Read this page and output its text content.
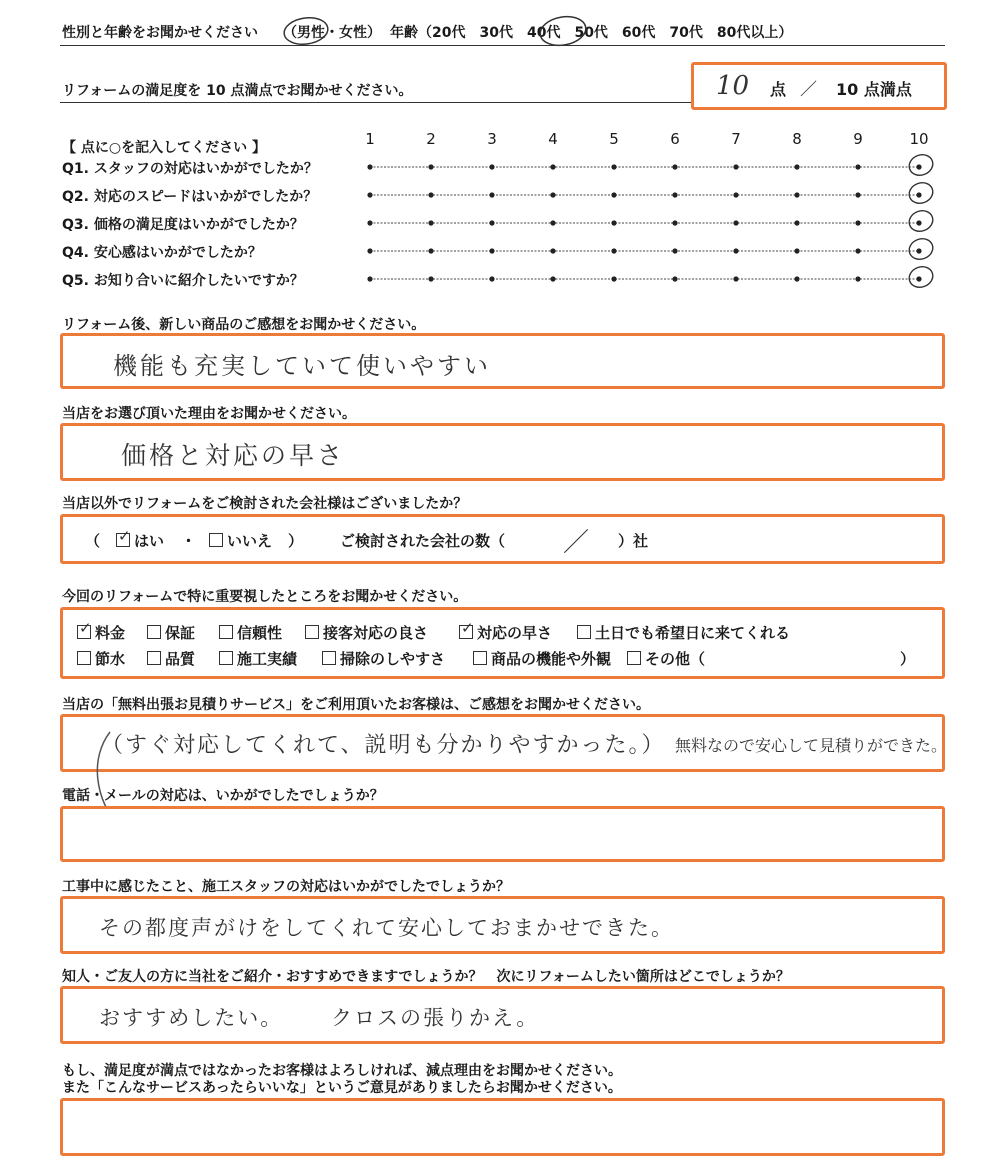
性別と年齢をお聞かせください （男性・女性） 年齢（20代　30代　40代　50代　60代　70代　80代以上）
リフォームの満足度を 10 点満点でお聞かせください。	10 点 ／ 10 点満点
【 点に○を記入してください 】	1	2	3	4	5	6	7	8	9	10
Q1. スタッフの対応はいかがでしたか？
Q2. 対応のスピードはいかがでしたか？
Q3. 価格の満足度はいかがでしたか？
Q4. 安心感はいかがでしたか？
Q5. お知り合いに紹介したいですか？
リフォーム後、新しい商品のご感想をお聞かせください。
機能も充実していて使いやすい
当店をお選び頂いた理由をお聞かせください。
価格と対応の早さ
当店以外でリフォームをご検討された会社様はございましたか？
（ ✓ はい ・	いいえ ） ご検討された会社の数（ ／ ）社
今回のリフォームで特に重要視したところをお聞かせください。
✓ 料金	保証	信頼性	接客対応の良さ ✓ 対応の早さ	土日でも希望日に来てくれる
節水	品質	施工実績	掃除のしやすさ	商品の機能や外観	その他（	）
当店の「無料出張お見積りサービス」をご利用頂いたお客様は、ご感想をお聞かせください。
（すぐ対応してくれて、説明も分かりやすかった。） 無料なので安心して見積りができた。
電話・メールの対応は、いかがでしたでしょうか？
工事中に感じたこと、施工スタッフの対応はいかがでしたでしょうか？
その都度声がけをしてくれて安心しておまかせできた。
知人・ご友人の方に当社をご紹介・おすすめできますでしょうか？　次にリフォームしたい箇所はどこでしょうか？
おすすめしたい。 クロスの張りかえ。
もし、満足度が満点ではなかったお客様はよろしければ、減点理由をお聞かせください。
また「こんなサービスあったらいいな」というご意見がありましたらお聞かせください。
